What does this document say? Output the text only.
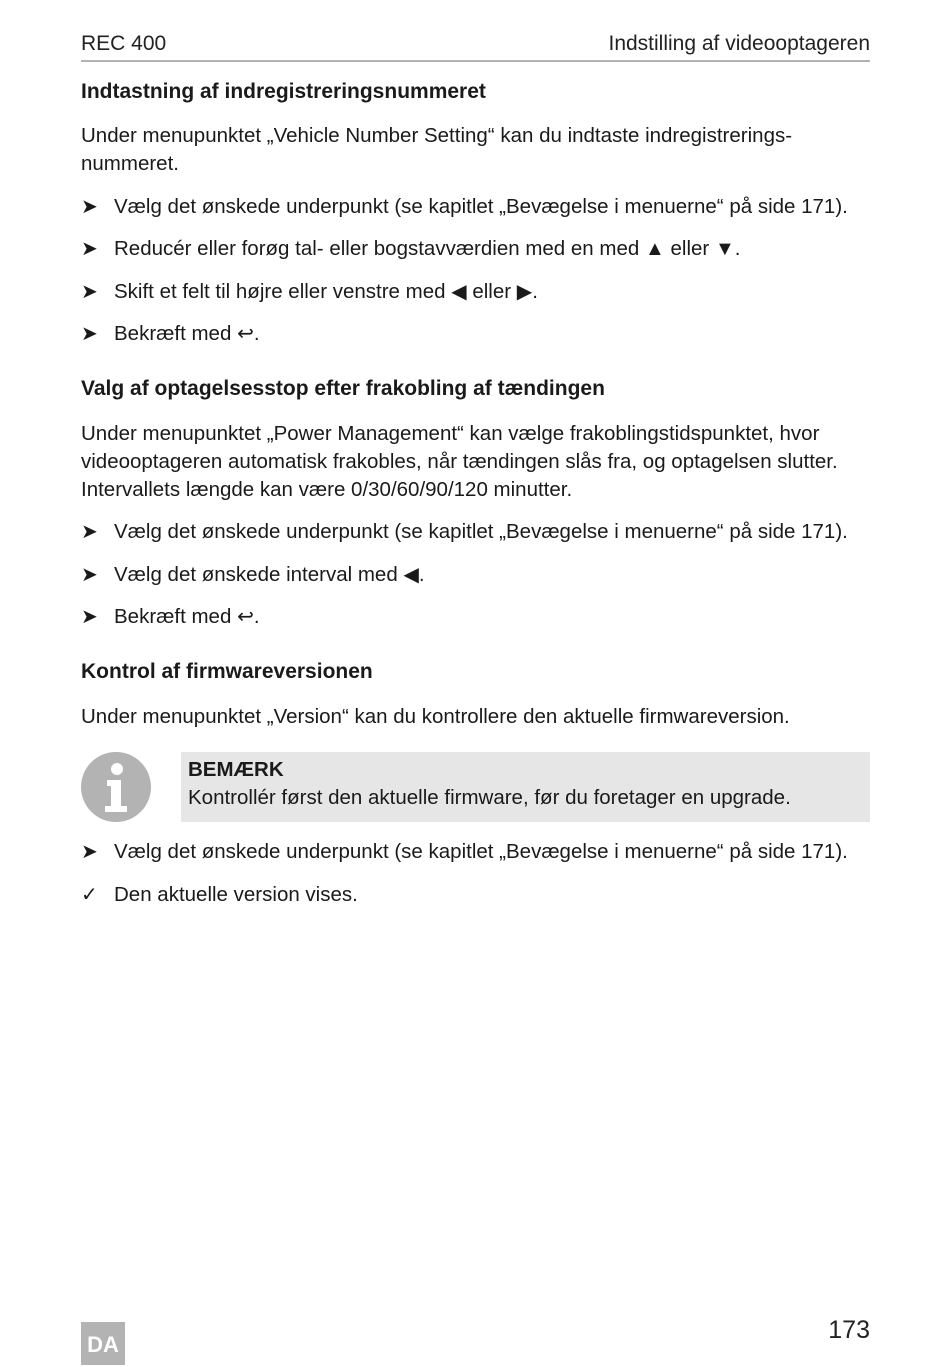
REC 400	Indstilling af videooptageren
Indtastning af indregistreringsnummeret

Under menupunktet „Vehicle Number Setting“ kan du indtaste indregistrerings-

nummeret.

➤ Vælg det ønskede underpunkt (se kapitlet „Bevægelse i menuerne“ på side 171).
➤ Reducér eller forøg tal- eller bogstavværdien med en med ▲ eller ▼.
➤ Skift et felt til højre eller venstre med ◀ eller ▶.
➤ Bekræft med ↩.
Valg af optagelsesstop efter frakobling af tændingen

Under menupunktet „Power Management“ kan vælge frakoblingstidspunktet, hvor

videooptageren automatisk frakobles, når tændingen slås fra, og optagelsen slutter.

Intervallets længde kan være 0/30/60/90/120 minutter.

➤ Vælg det ønskede underpunkt (se kapitlet „Bevægelse i menuerne“ på side 171).
➤ Vælg det ønskede interval med ◀.
➤ Bekræft med ↩.
Kontrol af firmwareversionen

Under menupunktet „Version“ kan du kontrollere den aktuelle firmwareversion.

BEMÆRK
Kontrollér først den aktuelle firmware, før du foretager en upgrade.
➤ Vælg det ønskede underpunkt (se kapitlet „Bevægelse i menuerne“ på side 171).
✓ Den aktuelle version vises.
DA
173
